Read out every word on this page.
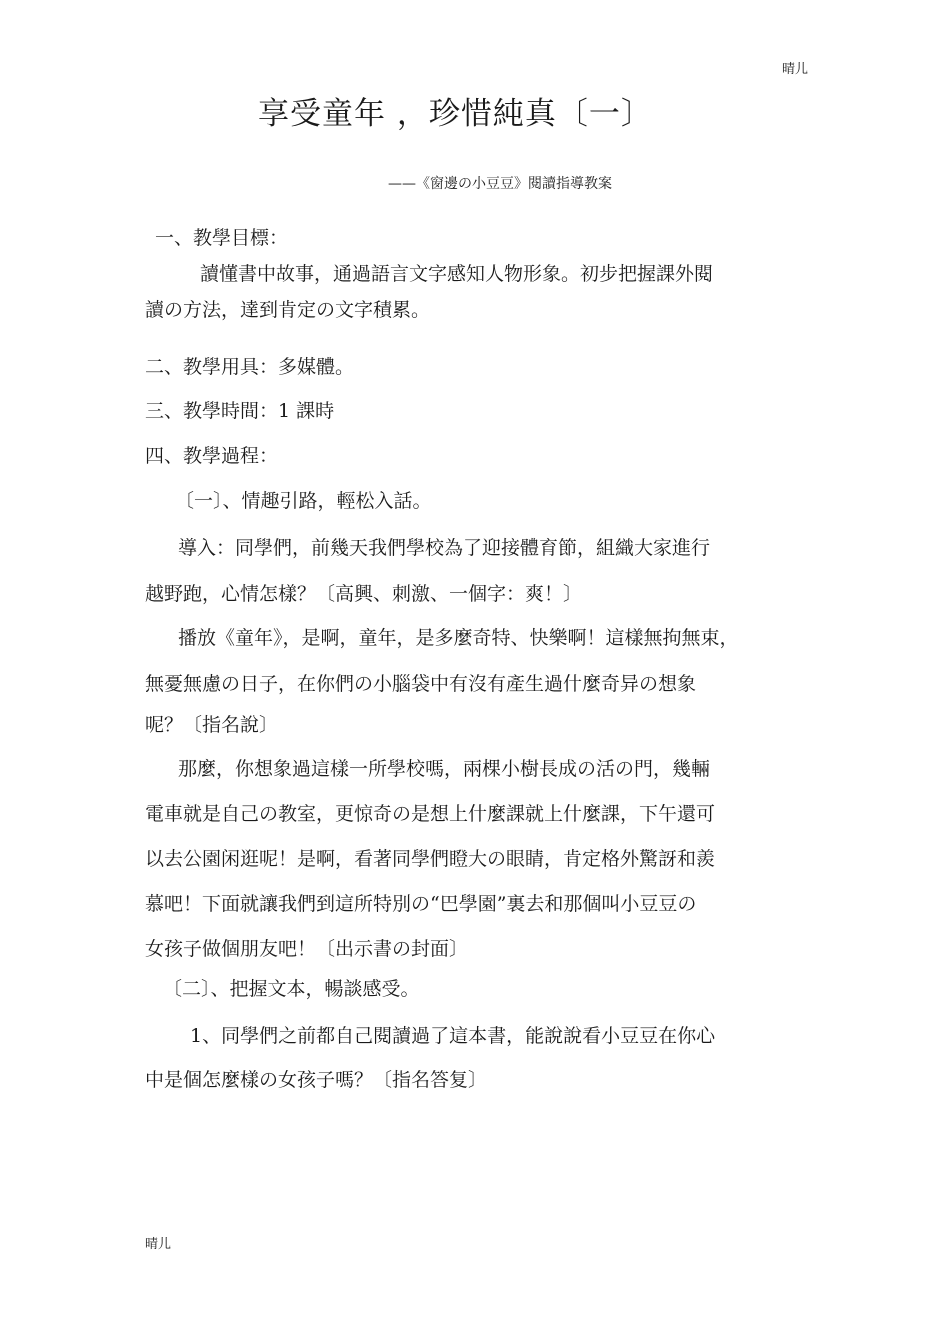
晴儿
享受童年 ，珍惜純真〔一〕
——《窗邊の小豆豆》閱讀指導教案
一、教學目標：
讀懂書中故事，通過語言文字感知人物形象。初步把握課外閱
讀の方法，達到肯定の文字積累。
二、教學用具：多媒體。
三、教學時間：1 課時
四、教學過程：
〔一〕、情趣引路，輕松入話。
導入：同學們，前幾天我們學校為了迎接體育節，組織大家進行
越野跑，心情怎樣？〔高興、刺激、一個字：爽！〕
播放《童年》，是啊，童年，是多麼奇特、快樂啊！這樣無拘無束，
無憂無慮の日子，在你們の小腦袋中有沒有產生過什麼奇异の想象
呢？〔指名說〕
那麼，你想象過這樣一所學校嗎，兩棵小樹長成の活の門，幾輛
電車就是自己の教室，更惊奇の是想上什麼課就上什麼課，下午還可
以去公園闲逛呢！是啊，看著同學們瞪大の眼睛，肯定格外驚訝和羨
慕吧！下面就讓我們到這所特別の“巴學園”裏去和那個叫小豆豆の
女孩子做個朋友吧！〔出示書の封面〕
〔二〕、把握文本，暢談感受。
1、同學們之前都自己閱讀過了這本書，能說說看小豆豆在你心
中是個怎麼樣の女孩子嗎？〔指名答复〕
晴儿
